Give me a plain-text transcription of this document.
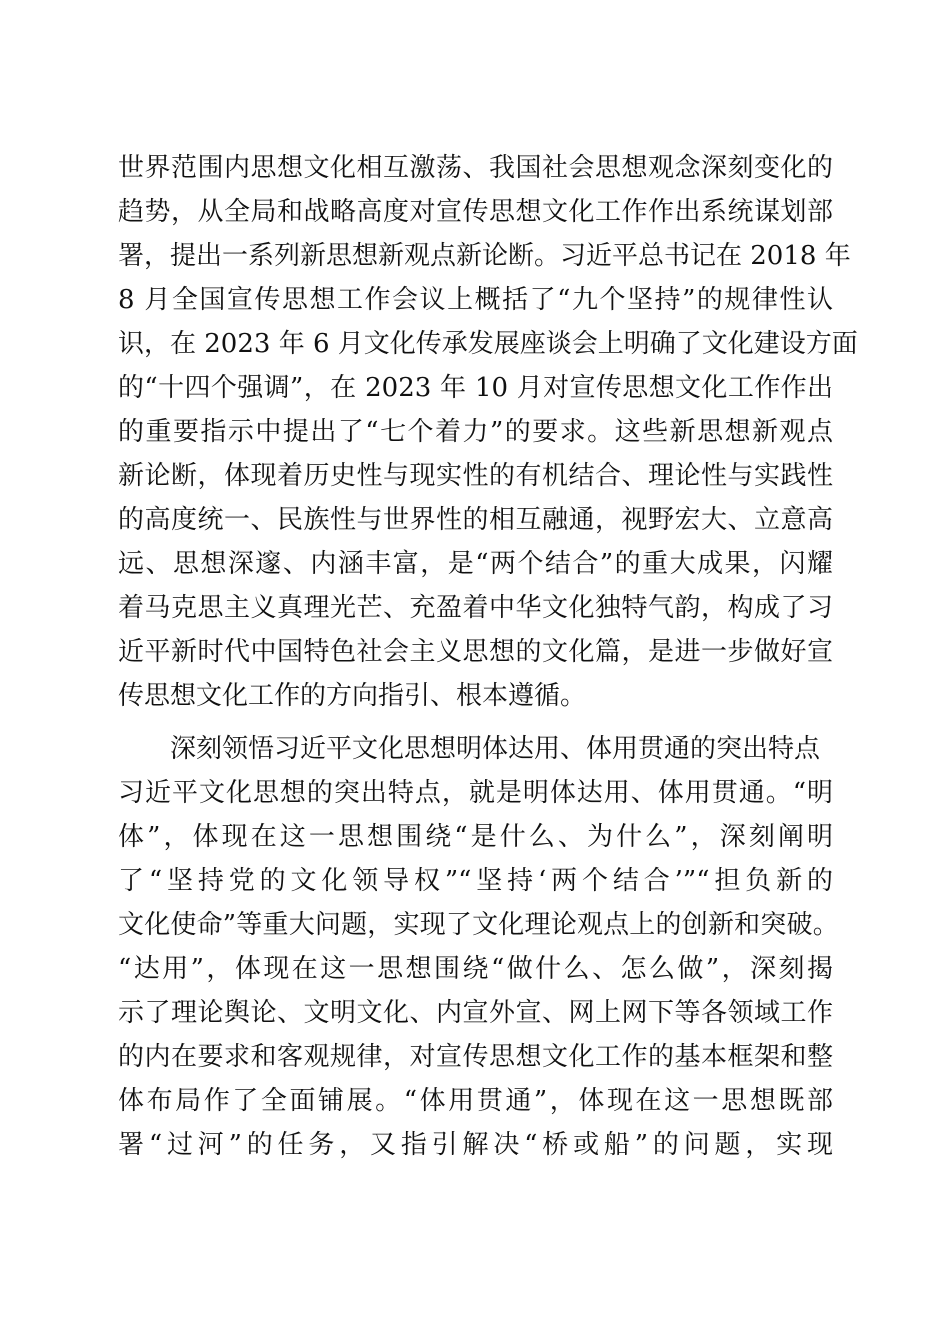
世界范围内思想文化相互激荡、我国社会思想观念深刻变化的
趋势，从全局和战略高度对宣传思想文化工作作出系统谋划部
署，提出一系列新思想新观点新论断。习近平总书记在 2018 年
8 月全国宣传思想工作会议上概括了“九个坚持”的规律性认
识，在 2023 年 6 月文化传承发展座谈会上明确了文化建设方面
的“十四个强调”，在 2023 年 10 月对宣传思想文化工作作出
的重要指示中提出了“七个着力”的要求。这些新思想新观点
新论断，体现着历史性与现实性的有机结合、理论性与实践性
的高度统一、民族性与世界性的相互融通，视野宏大、立意高
远、思想深邃、内涵丰富，是“两个结合”的重大成果，闪耀
着马克思主义真理光芒、充盈着中华文化独特气韵，构成了习
近平新时代中国特色社会主义思想的文化篇，是进一步做好宣
传思想文化工作的方向指引、根本遵循。
深刻领悟习近平文化思想明体达用、体用贯通的突出特点
习近平文化思想的突出特点，就是明体达用、体用贯通。“明
体”，体现在这一思想围绕“是什么、为什么”，深刻阐明
了“坚持党的文化领导权”“坚持‘两个结合’”“担负新的
文化使命”等重大问题，实现了文化理论观点上的创新和突破。
“达用”，体现在这一思想围绕“做什么、怎么做”，深刻揭
示了理论舆论、文明文化、内宣外宣、网上网下等各领域工作
的内在要求和客观规律，对宣传思想文化工作的基本框架和整
体布局作了全面铺展。“体用贯通”，体现在这一思想既部
署“过河”的任务，又指引解决“桥或船”的问题，实现
